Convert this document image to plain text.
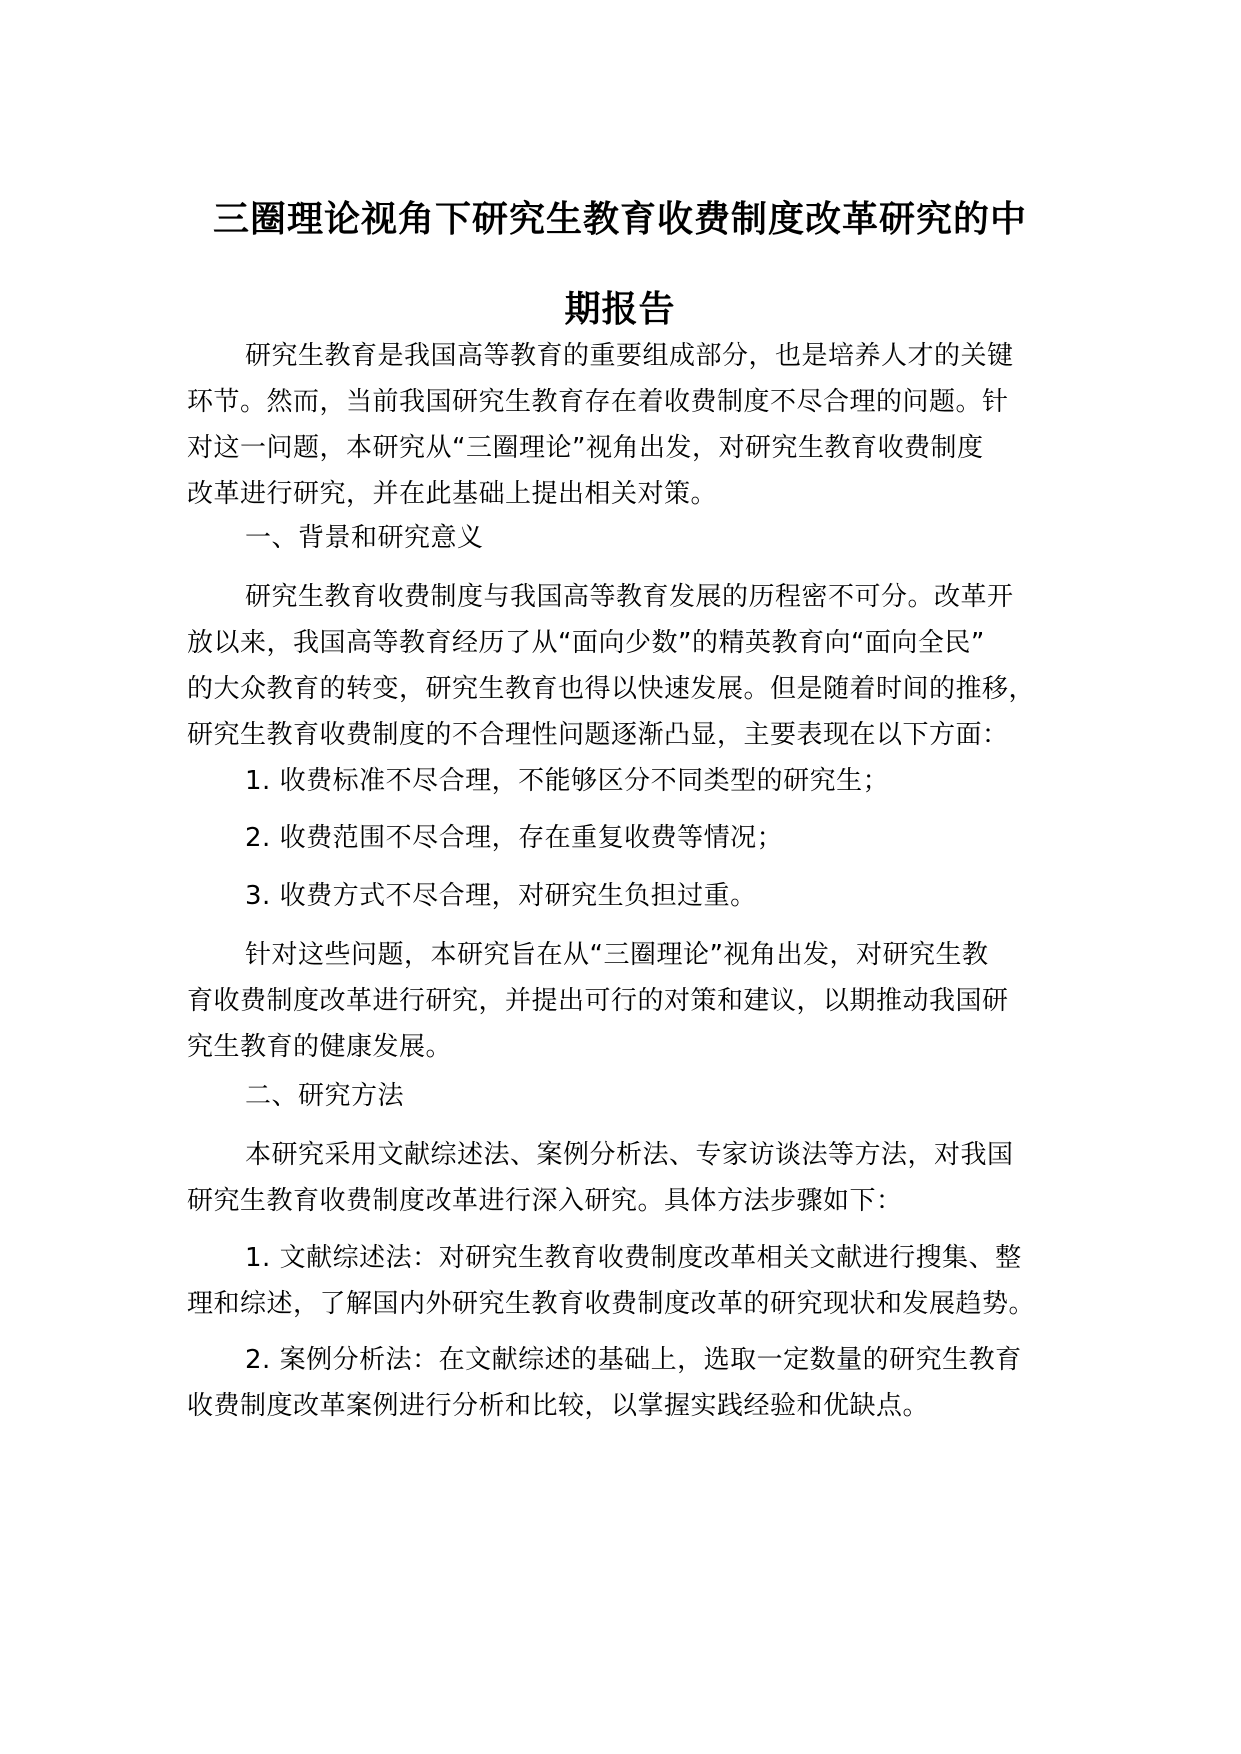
三圈理论视角下研究生教育收费制度改革研究的中
期报告
研究生教育是我国高等教育的重要组成部分，也是培养人才的关键
环节。然而，当前我国研究生教育存在着收费制度不尽合理的问题。针
对这一问题，本研究从“三圈理论”视角出发，对研究生教育收费制度
改革进行研究，并在此基础上提出相关对策。
一、背景和研究意义
研究生教育收费制度与我国高等教育发展的历程密不可分。改革开
放以来，我国高等教育经历了从“面向少数”的精英教育向“面向全民”
的大众教育的转变，研究生教育也得以快速发展。但是随着时间的推移，
研究生教育收费制度的不合理性问题逐渐凸显，主要表现在以下方面：
1. 收费标准不尽合理，不能够区分不同类型的研究生；
2. 收费范围不尽合理，存在重复收费等情况；
3. 收费方式不尽合理，对研究生负担过重。
针对这些问题，本研究旨在从“三圈理论”视角出发，对研究生教
育收费制度改革进行研究，并提出可行的对策和建议，以期推动我国研
究生教育的健康发展。
二、研究方法
本研究采用文献综述法、案例分析法、专家访谈法等方法，对我国
研究生教育收费制度改革进行深入研究。具体方法步骤如下：
1. 文献综述法：对研究生教育收费制度改革相关文献进行搜集、整
理和综述，了解国内外研究生教育收费制度改革的研究现状和发展趋势。
2. 案例分析法：在文献综述的基础上，选取一定数量的研究生教育
收费制度改革案例进行分析和比较，以掌握实践经验和优缺点。
